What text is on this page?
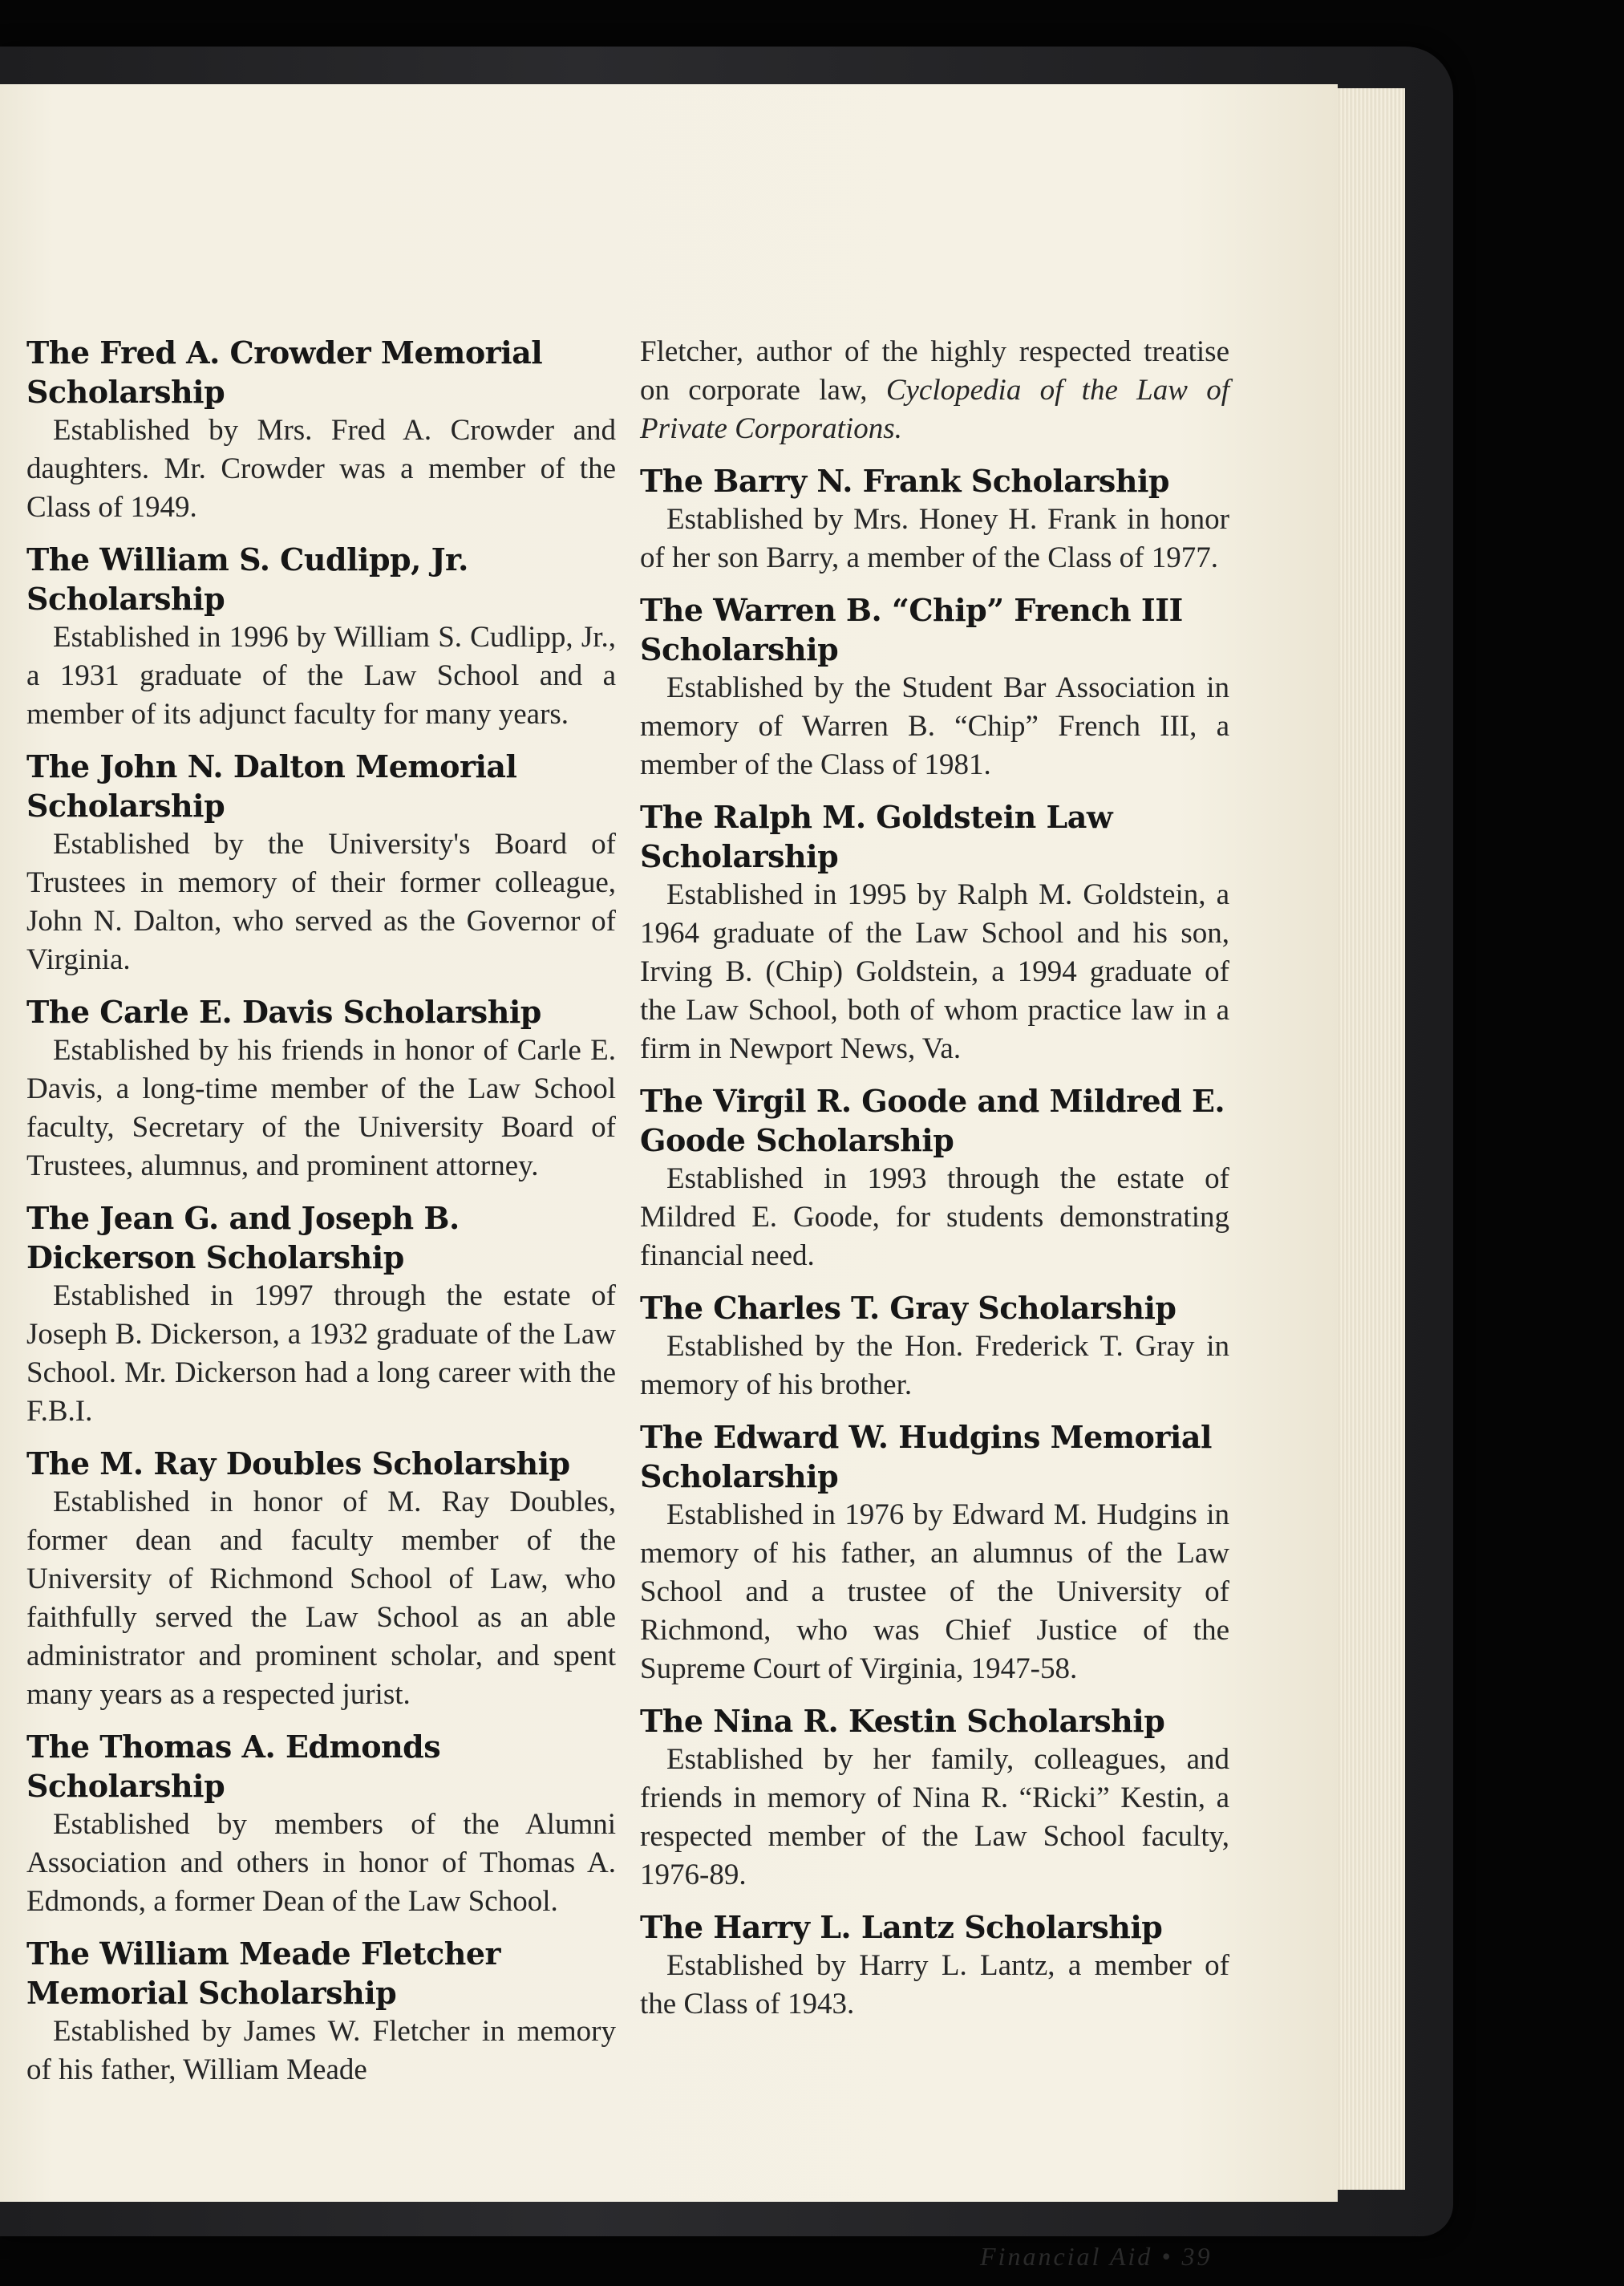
The Fred A. Crowder Memorial Scholarship
Established by Mrs. Fred A. Crowder and daughters. Mr. Crowder was a member of the Class of 1949.
The William S. Cudlipp, Jr. Scholarship
Established in 1996 by William S. Cudlipp, Jr., a 1931 graduate of the Law School and a member of its adjunct faculty for many years.
The John N. Dalton Memorial Scholarship
Established by the University's Board of Trustees in memory of their former colleague, John N. Dalton, who served as the Governor of Virginia.
The Carle E. Davis Scholarship
Established by his friends in honor of Carle E. Davis, a long-time member of the Law School faculty, Secretary of the University Board of Trustees, alumnus, and prominent attorney.
The Jean G. and Joseph B. Dickerson Scholarship
Established in 1997 through the estate of Joseph B. Dickerson, a 1932 graduate of the Law School. Mr. Dickerson had a long career with the F.B.I.
The M. Ray Doubles Scholarship
Established in honor of M. Ray Doubles, former dean and faculty member of the University of Richmond School of Law, who faithfully served the Law School as an able administrator and prominent scholar, and spent many years as a respected jurist.
The Thomas A. Edmonds Scholarship
Established by members of the Alumni Association and others in honor of Thomas A. Edmonds, a former Dean of the Law School.
The William Meade Fletcher Memorial Scholarship
Established by James W. Fletcher in memory of his father, William Meade
Fletcher, author of the highly respected treatise on corporate law, Cyclopedia of the Law of Private Corporations.
The Barry N. Frank Scholarship
Established by Mrs. Honey H. Frank in honor of her son Barry, a member of the Class of 1977.
The Warren B. “Chip” French III Scholarship
Established by the Student Bar Association in memory of Warren B. “Chip” French III, a member of the Class of 1981.
The Ralph M. Goldstein Law Scholarship
Established in 1995 by Ralph M. Goldstein, a 1964 graduate of the Law School and his son, Irving B. (Chip) Goldstein, a 1994 graduate of the Law School, both of whom practice law in a firm in Newport News, Va.
The Virgil R. Goode and Mildred E. Goode Scholarship
Established in 1993 through the estate of Mildred E. Goode, for students demonstrating financial need.
The Charles T. Gray Scholarship
Established by the Hon. Frederick T. Gray in memory of his brother.
The Edward W. Hudgins Memorial Scholarship
Established in 1976 by Edward M. Hudgins in memory of his father, an alumnus of the Law School and a trustee of the University of Richmond, who was Chief Justice of the Supreme Court of Virginia, 1947-58.
The Nina R. Kestin Scholarship
Established by her family, colleagues, and friends in memory of Nina R. “Ricki” Kestin, a respected member of the Law School faculty, 1976-89.
The Harry L. Lantz Scholarship
Established by Harry L. Lantz, a member of the Class of 1943.
Financial Aid • 39
